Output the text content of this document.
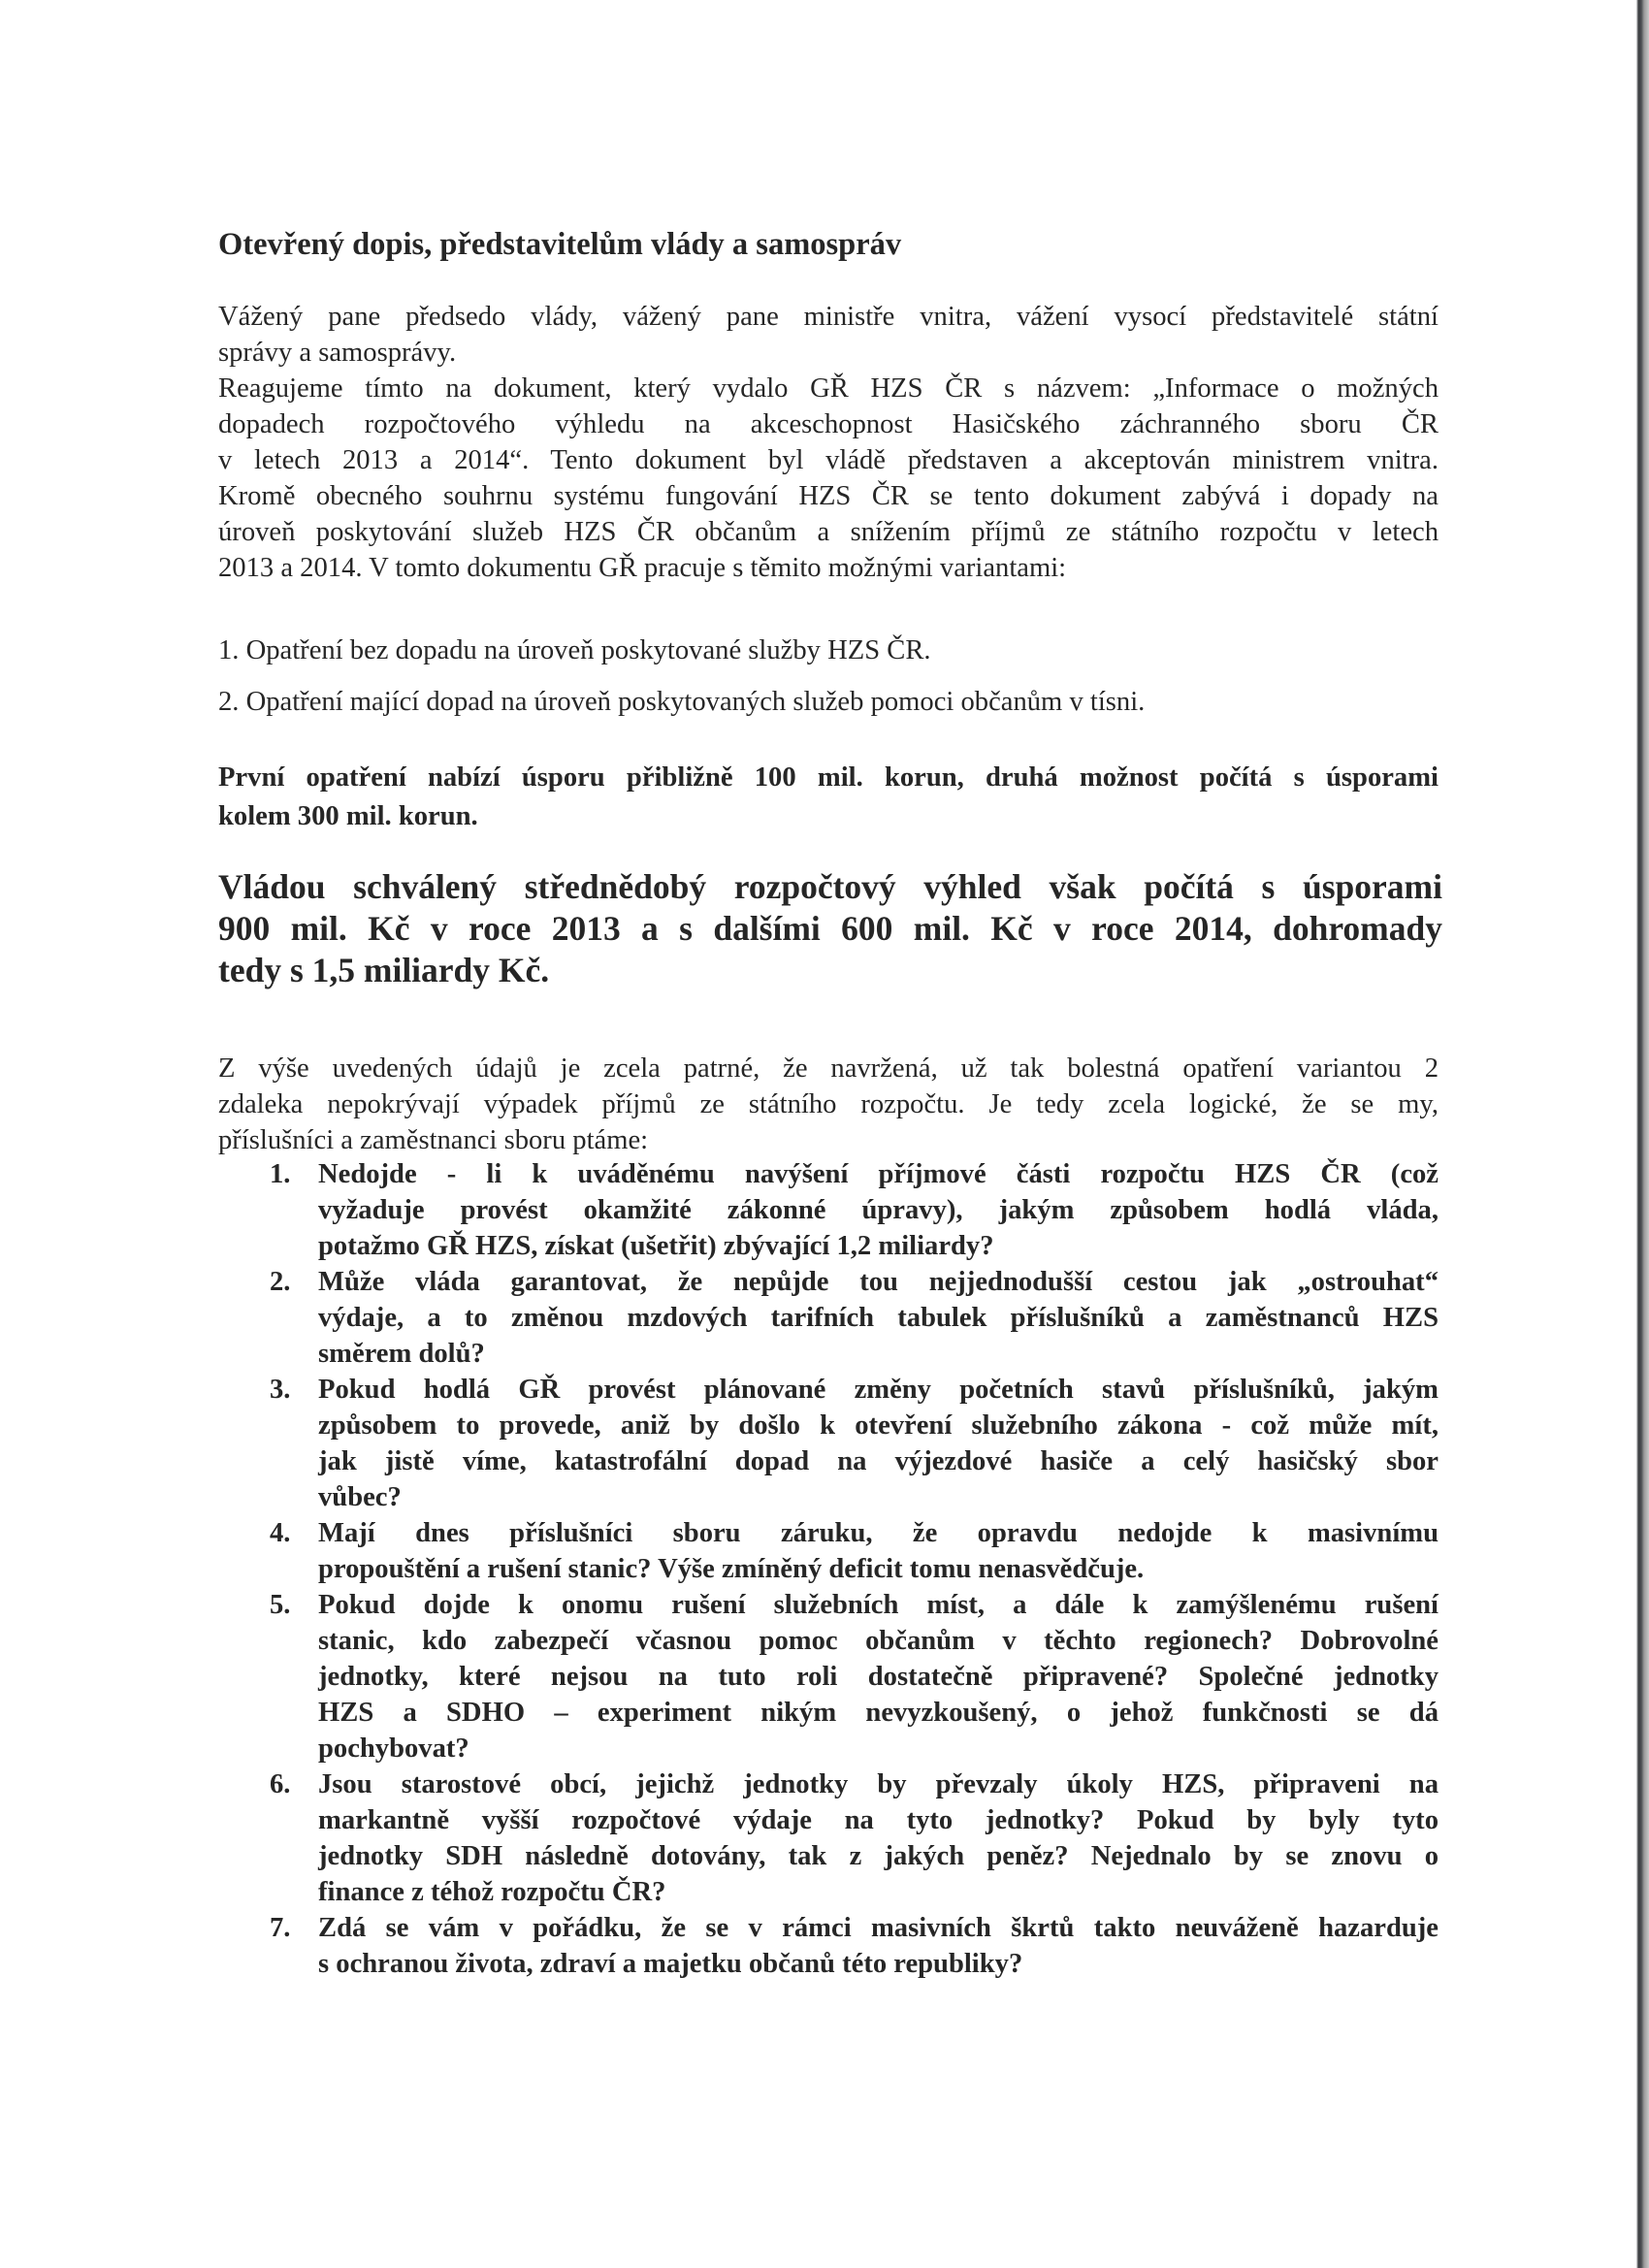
Otevřený dopis, představitelům vlády a samospráv

Vážený pane předsedo vlády, vážený pane ministře vnitra, vážení vysocí představitelé státní
správy a samosprávy.
Reagujeme tímto na dokument, který vydalo GŘ HZS ČR s názvem: „Informace o možných
dopadech rozpočtového výhledu na akceschopnost Hasičského záchranného sboru ČR
v letech 2013 a 2014“. Tento dokument byl vládě představen a akceptován ministrem vnitra.
Kromě obecného souhrnu systému fungování HZS ČR se tento dokument zabývá i dopady na
úroveň poskytování služeb HZS ČR občanům a snížením příjmů ze státního rozpočtu v letech
2013 a 2014. V tomto dokumentu GŘ pracuje s těmito možnými variantami:

1. Opatření bez dopadu na úroveň poskytované služby HZS ČR.

2. Opatření mající dopad na úroveň poskytovaných služeb pomoci občanům v tísni.

První opatření nabízí úsporu přibližně 100 mil. korun, druhá možnost počítá s úsporami
kolem 300 mil. korun.

Vládou schválený střednědobý rozpočtový výhled však počítá s úsporami
900 mil. Kč v roce 2013 a s dalšími 600 mil. Kč v roce 2014, dohromady
tedy s 1,5 miliardy Kč.

Z výše uvedených údajů je zcela patrné, že navržená, už tak bolestná opatření variantou 2
zdaleka nepokrývají výpadek příjmů ze státního rozpočtu. Je tedy zcela logické, že se my,
příslušníci a zaměstnanci sboru ptáme:

1. Nedojde - li k uváděnému navýšení příjmové části rozpočtu HZS ČR (což
vyžaduje provést okamžité zákonné úpravy), jakým způsobem hodlá vláda,
potažmo GŘ HZS, získat (ušetřit) zbývající 1,2 miliardy?
2. Může vláda garantovat, že nepůjde tou nejjednodušší cestou jak „ostrouhat“
výdaje, a to změnou mzdových tarifních tabulek příslušníků a zaměstnanců HZS
směrem dolů?
3. Pokud hodlá GŘ provést plánované změny početních stavů příslušníků, jakým
způsobem to provede, aniž by došlo k otevření služebního zákona - což může mít,
jak jistě víme, katastrofální dopad na výjezdové hasiče a celý hasičský sbor
vůbec?
4. Mají dnes příslušníci sboru záruku, že opravdu nedojde k masivnímu
propouštění a rušení stanic? Výše zmíněný deficit tomu nenasvědčuje.
5. Pokud dojde k onomu rušení služebních míst, a dále k zamýšlenému rušení
stanic, kdo zabezpečí včasnou pomoc občanům v těchto regionech? Dobrovolné
jednotky, které nejsou na tuto roli dostatečně připravené? Společné jednotky
HZS a SDHO – experiment nikým nevyzkoušený, o jehož funkčnosti se dá
pochybovat?
6. Jsou starostové obcí, jejichž jednotky by převzaly úkoly HZS, připraveni na
markantně vyšší rozpočtové výdaje na tyto jednotky? Pokud by byly tyto
jednotky SDH následně dotovány, tak z jakých peněz? Nejednalo by se znovu o
finance z téhož rozpočtu ČR?
7. Zdá se vám v pořádku, že se v rámci masivních škrtů takto neuváženě hazarduje
s ochranou života, zdraví a majetku občanů této republiky?
